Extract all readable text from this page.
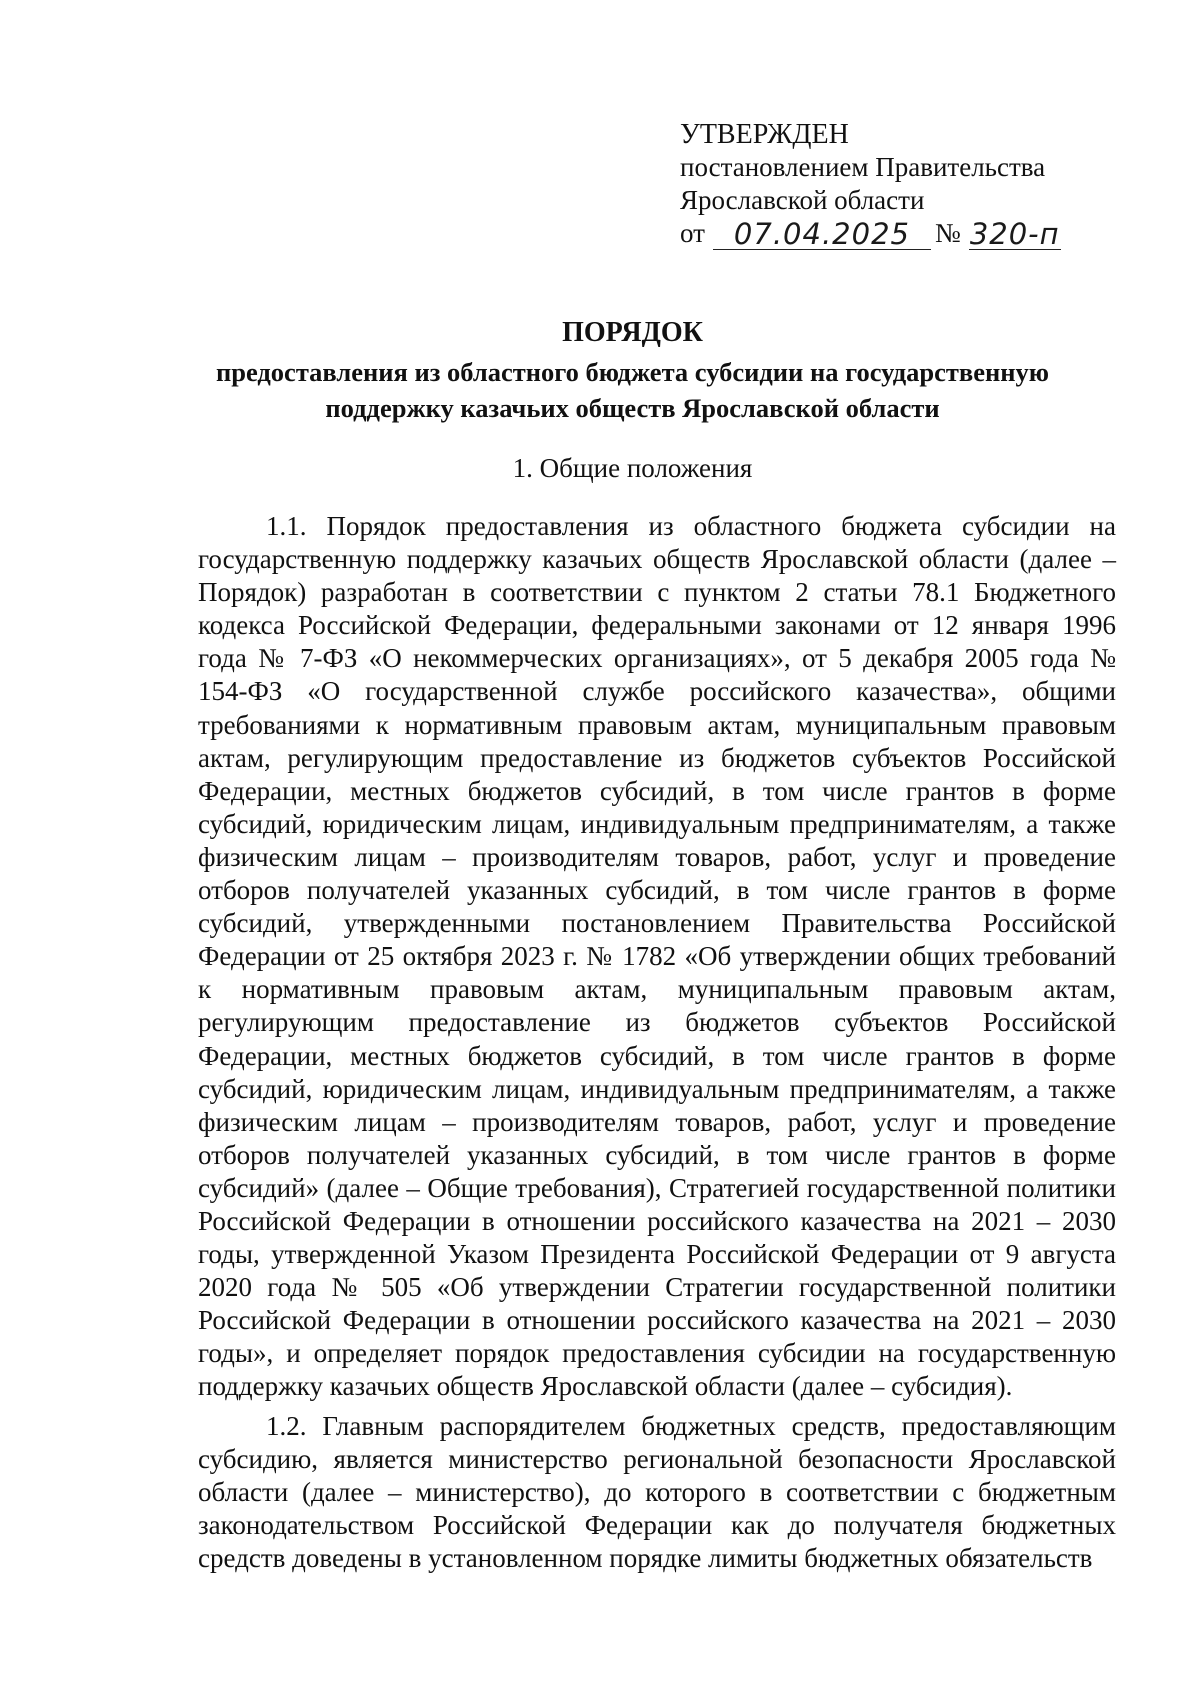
УТВЕРЖДЕН
постановлением Правительства
Ярославской области
от 07.04.2025 № 320-п
ПОРЯДОК
предоставления из областного бюджета субсидии на государственную
поддержку казачьих обществ Ярославской области
1. Общие положения

1.1. Порядок предоставления из областного бюджета субсидии на государственную поддержку казачьих обществ Ярославской области (далее – Порядок) разработан в соответствии с пунктом 2 статьи 78.1 Бюджетного кодекса Российской Федерации, федеральными законами от 12 января 1996 года № 7-ФЗ «О некоммерческих организациях», от 5 декабря 2005 года № 154-ФЗ «О государственной службе российского казачества», общими требованиями к нормативным правовым актам, муниципальным правовым актам, регулирующим предоставление из бюджетов субъектов Российской Федерации, местных бюджетов субсидий, в том числе грантов в форме субсидий, юридическим лицам, индивидуальным предпринимателям, а также физическим лицам – производителям товаров, работ, услуг и проведение отборов получателей указанных субсидий, в том числе грантов в форме субсидий, утвержденными постановлением Правительства Российской Федерации от 25 октября 2023 г. № 1782 «Об утверждении общих требований к нормативным правовым актам, муниципальным правовым актам, регулирующим предоставление из бюджетов субъектов Российской Федерации, местных бюджетов субсидий, в том числе грантов в форме субсидий, юридическим лицам, индивидуальным предпринимателям, а также физическим лицам – производителям товаров, работ, услуг и проведение отборов получателей указанных субсидий, в том числе грантов в форме субсидий» (далее – Общие требования), Стратегией государственной политики Российской Федерации в отношении российского казачества на 2021 – 2030 годы, утвержденной Указом Президента Российской Федерации от 9 августа 2020 года № 505 «Об утверждении Стратегии государственной политики Российской Федерации в отношении российского казачества на 2021 – 2030 годы», и определяет порядок предоставления субсидии на государственную поддержку казачьих обществ Ярославской области (далее – субсидия).

1.2. Главным распорядителем бюджетных средств, предоставляющим субсидию, является министерство региональной безопасности Ярославской области (далее – министерство), до которого в соответствии с бюджетным законодательством Российской Федерации как до получателя бюджетных средств доведены в установленном порядке лимиты бюджетных обязательств
